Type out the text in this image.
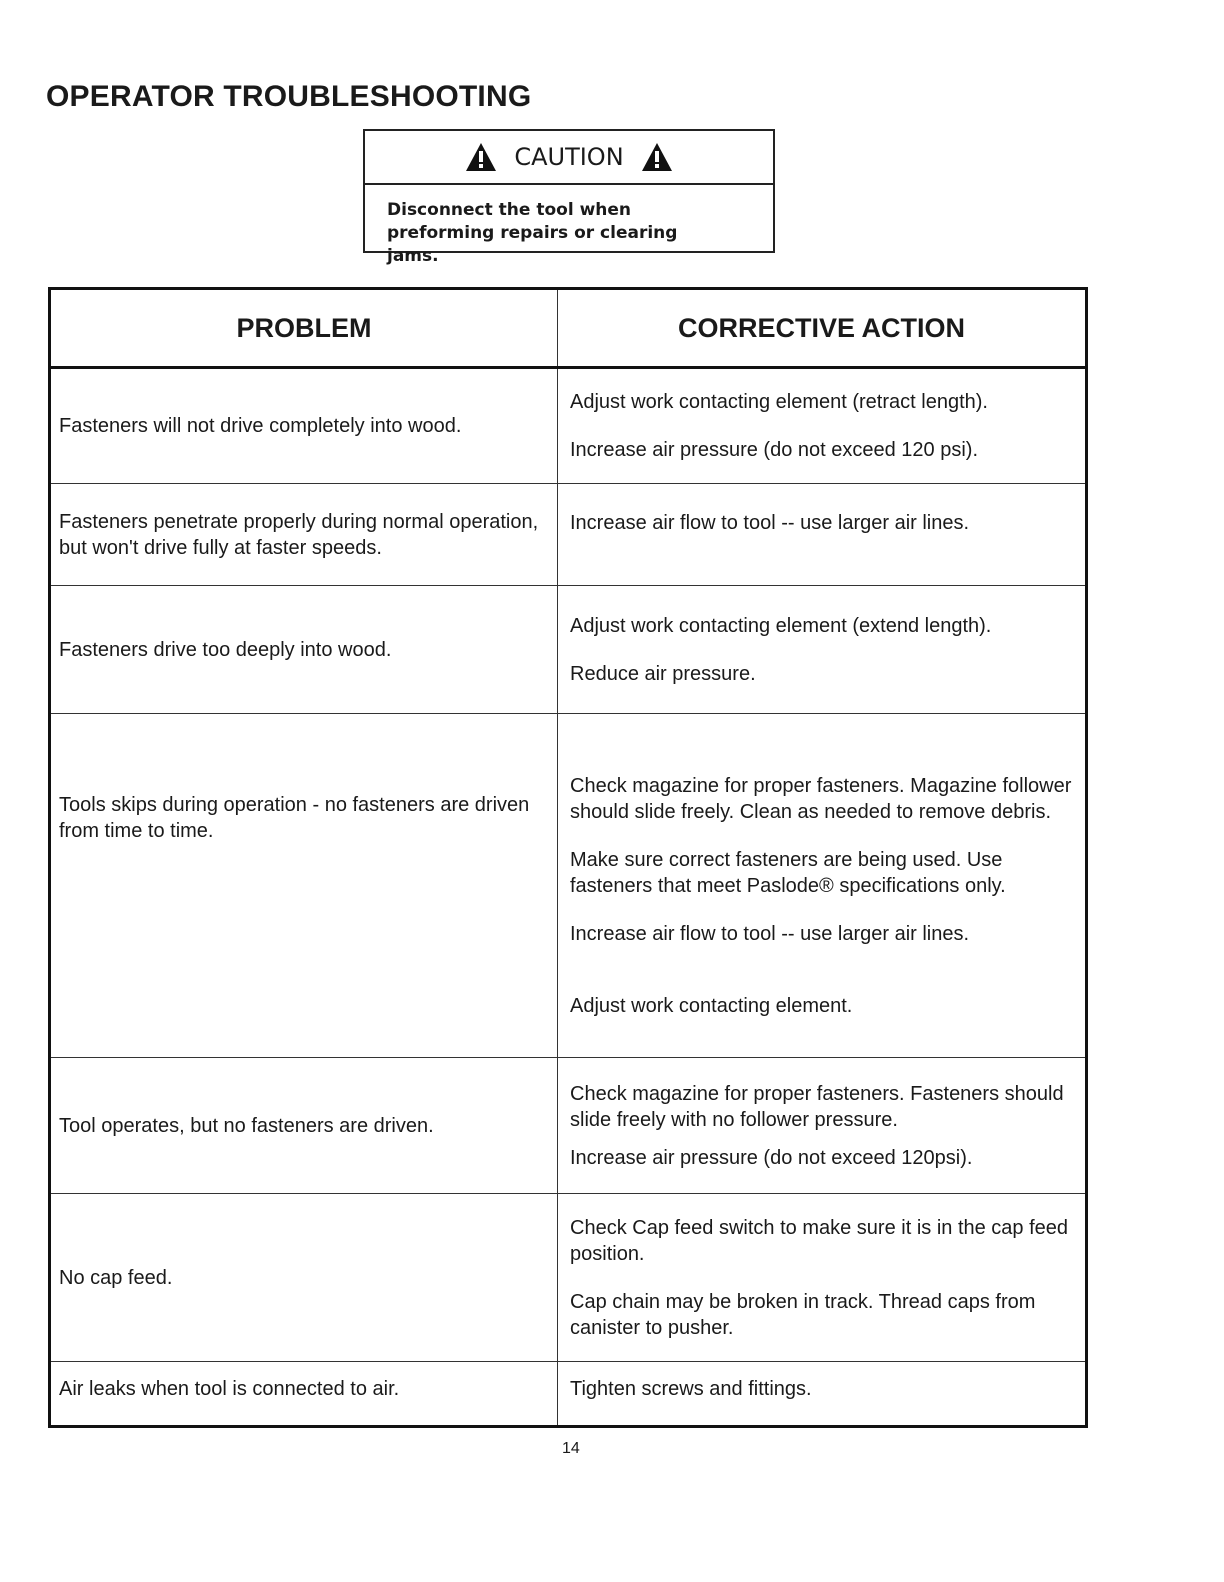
OPERATOR TROUBLESHOOTING
CAUTION
Disconnect the tool when preforming repairs or clearing jams.
PROBLEM	CORRECTIVE ACTION
Fasteners will not drive completely into wood.	Adjust work contacting element (retract length).

Increase air pressure (do not exceed 120 psi).

Fasteners penetrate properly during normal operation, but won't drive fully at faster speeds.	Increase air flow to tool -- use larger air lines.

Fasteners drive too deeply into wood.	Adjust work contacting element (extend length).

Reduce air pressure.

Tools skips during operation - no fasteners are driven from time to time.	Check magazine for proper fasteners. Magazine follower should slide freely. Clean as needed to remove debris.

Make sure correct fasteners are being used. Use fasteners that meet Paslode® specifications only.

Increase air flow to tool -- use larger air lines.

Adjust work contacting element.

Tool operates, but no fasteners are driven.	Check magazine for proper fasteners. Fasteners should slide freely with no follower pressure.

Increase air pressure (do not exceed 120psi).

No cap feed.	Check Cap feed switch to make sure it is in the cap feed position.

Cap chain may be broken in track. Thread caps from canister to pusher.

Air leaks when tool is connected to air.	Tighten screws and fittings.

14
